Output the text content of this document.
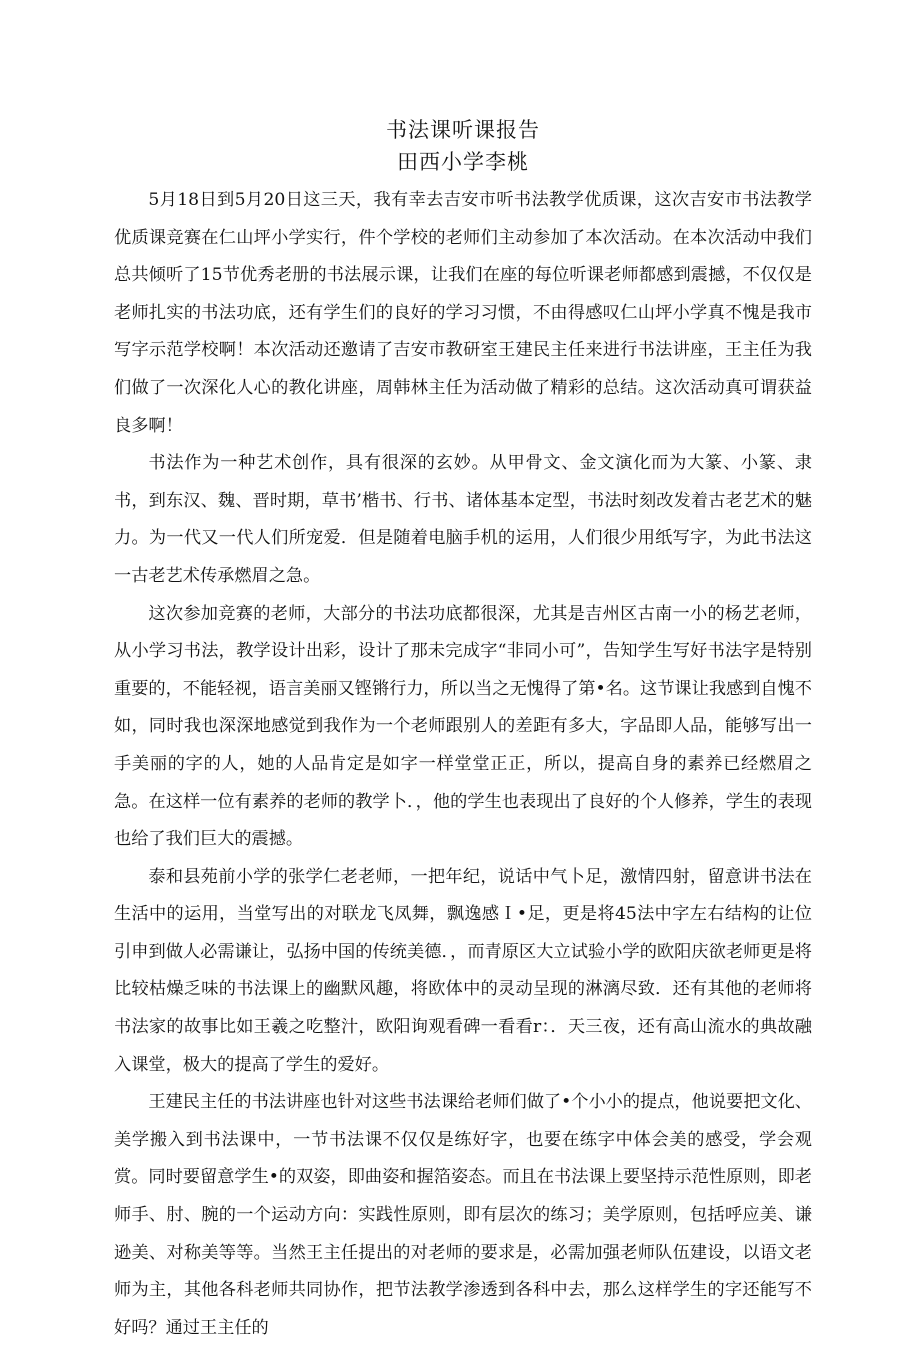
书法课听课报告
田西小学李桃

5月18日到5月20日这三天，我有幸去吉安市听书法教学优质课，这次吉安市书法教学优质课竞赛在仁山坪小学实行，件个学校的老师们主动参加了本次活动。在本次活动中我们总共倾听了15节优秀老册的书法展示课，让我们在座的每位听课老师都感到震撼，不仅仅是老师扎实的书法功底，还有学生们的良好的学习习惯，不由得感叹仁山坪小学真不愧是我市写字示范学校啊！本次活动还邀请了吉安市教研室王建民主任来进行书法讲座，王主任为我们做了一次深化人心的教化讲座，周韩林主任为活动做了精彩的总结。这次活动真可谓获益良多啊！

书法作为一种艺术创作，具有很深的玄妙。从甲骨文、金文演化而为大篆、小篆、隶书，到东汉、魏、晋时期，草书’楷书、行书、诸体基本定型，书法时刻改发着古老艺术的魅力。为一代又一代人们所宠爱．但是随着电脑手机的运用，人们很少用纸写字，为此书法这一古老艺术传承燃眉之急。

这次参加竞赛的老师，大部分的书法功底都很深，尤其是吉州区古南一小的杨艺老师，从小学习书法，教学设计出彩，设计了那未完成字“非同小可”，告知学生写好书法字是特别重要的，不能轻视，语言美丽又铿锵行力，所以当之无愧得了第•名。这节课让我感到自愧不如，同时我也深深地感觉到我作为一个老师跟别人的差距有多大，字品即人品，能够写出一手美丽的字的人，她的人品肯定是如字一样堂堂正正，所以，提高自身的素养已经燃眉之急。在这样一位有素养的老师的教学卜．，他的学生也表现出了良好的个人修养，学生的表现也给了我们巨大的震撼。

泰和县苑前小学的张学仁老老师，一把年纪，说话中气卜足，激情四射，留意讲书法在生活中的运用，当堂写出的对联龙飞凤舞，飘逸感Ｉ•足，更是将45法中字左右结构的让位引申到做人必需谦让，弘扬中国的传统美德．，而青原区大立试验小学的欧阳庆欲老师更是将比较枯燥乏味的书法课上的幽默风趣，将欧体中的灵动呈现的淋漓尽致．还有其他的老师将书法家的故事比如王羲之吃整汁，欧阳询观看碑一看看r：．天三夜，还有高山流水的典故融入课堂，极大的提高了学生的爱好。

王建民主任的书法讲座也针对这些书法课给老师们做了•个小小的提点，他说要把文化、美学搬入到书法课中，一节书法课不仅仅是练好字，也要在练字中体会美的感受，学会观赏。同时要留意学生•的双姿，即曲姿和握箔姿态。而且在书法课上要坚持示范性原则，即老师手、肘、腕的一个运动方向：实践性原则，即有层次的练习；美学原则，包括呼应美、谦逊美、对称美等等。当然王主任提出的对老师的要求是，必需加强老师队伍建设，以语文老师为主，其他各科老师共同协作，把节法教学渗透到各科中去，那么这样学生的字还能写不好吗？通过王主任的
